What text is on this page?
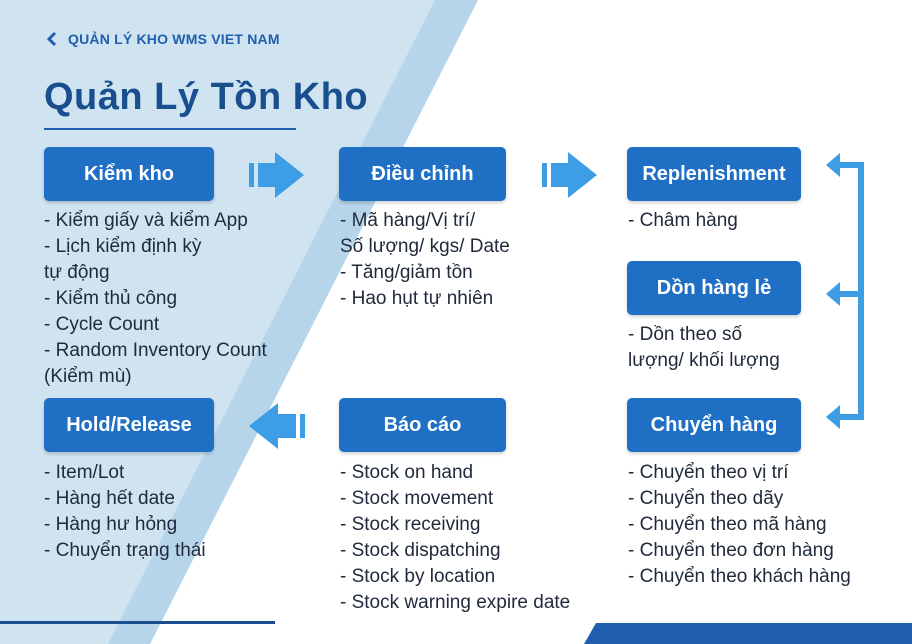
QUẢN LÝ KHO WMS VIET NAM
Quản Lý Tồn Kho
Kiểm kho
- Kiểm giấy và kiểm App
- Lịch kiểm định kỳ
tự động
- Kiểm thủ công
- Cycle Count
- Random Inventory Count
(Kiểm mù)
Điều chỉnh
- Mã hàng/Vị trí/
Số lượng/ kgs/ Date
- Tăng/giảm tồn
- Hao hụt tự nhiên
Replenishment
- Châm hàng
Dồn hàng lẻ
- Dồn theo số
lượng/ khối lượng
Chuyển hàng
- Chuyển theo vị trí
- Chuyển theo dãy
- Chuyển theo mã hàng
- Chuyển theo đơn hàng
- Chuyển theo khách hàng
Báo cáo
- Stock on hand
- Stock movement
- Stock receiving
- Stock dispatching
- Stock by location
- Stock warning expire date
Hold/Release
- Item/Lot
- Hàng hết date
- Hàng hư hỏng
- Chuyển trạng thái
